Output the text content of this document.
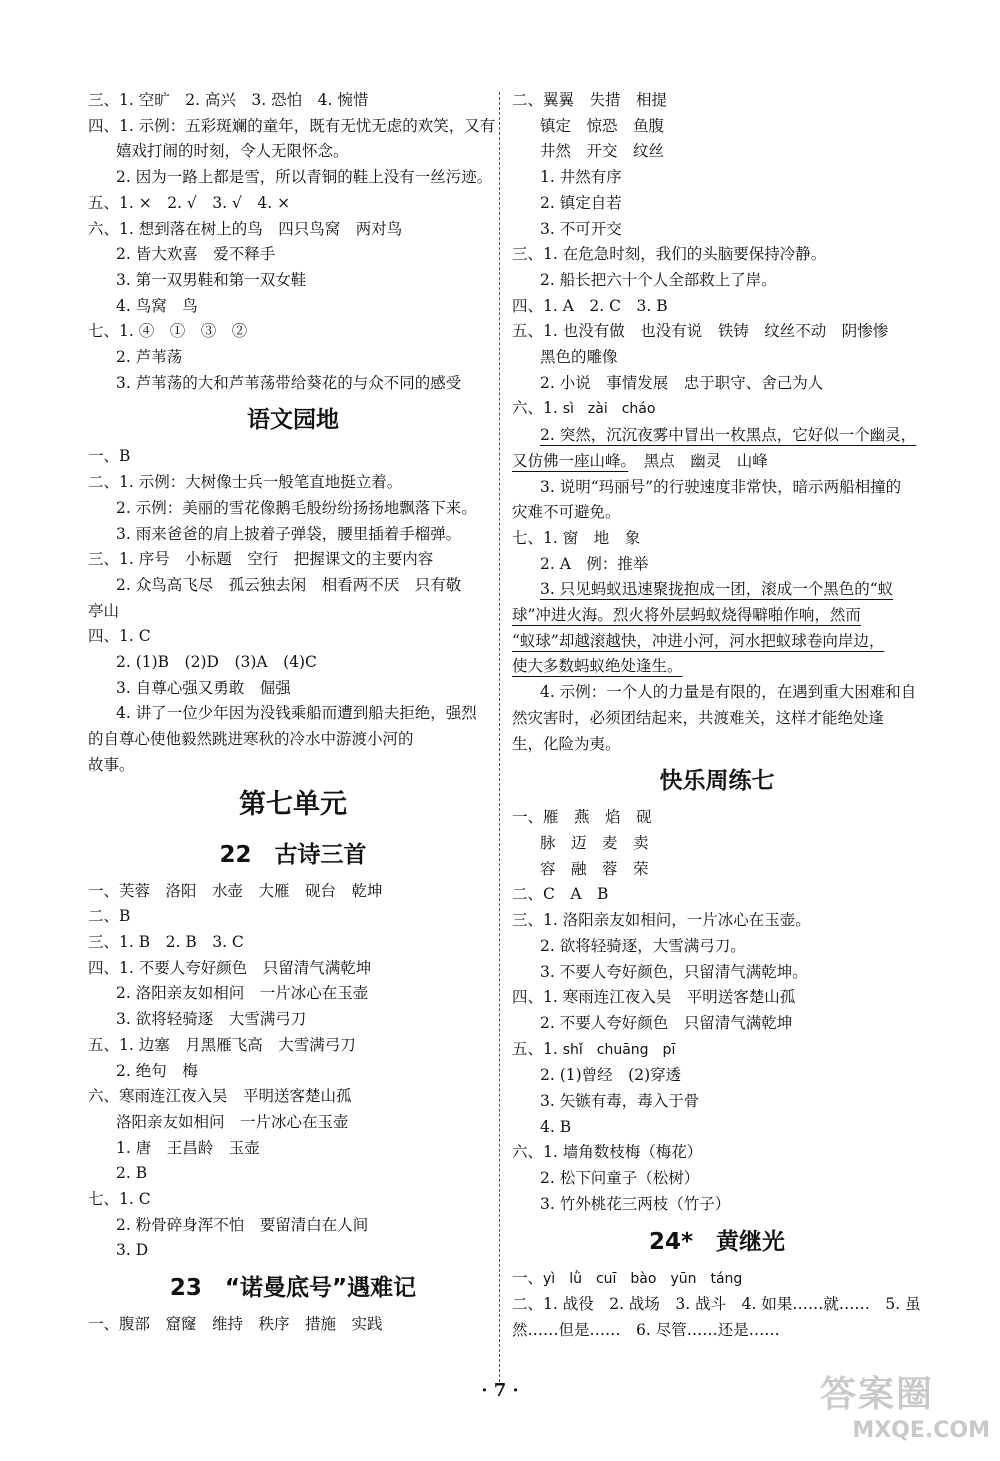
三、1. 空旷　2. 高兴　3. 恐怕　4. 惋惜
四、1. 示例：五彩斑斓的童年，既有无忧无虑的欢笑，又有
嬉戏打闹的时刻，令人无限怀念。
2. 因为一路上都是雪，所以青铜的鞋上没有一丝污迹。
五、1. ×　2. √　3. √　4. ×
六、1. 想到落在树上的鸟　四只鸟窝　两对鸟
2. 皆大欢喜　爱不释手
3. 第一双男鞋和第一双女鞋
4. 鸟窝　鸟
七、1. ④　①　③　②
2. 芦苇荡
3. 芦苇荡的大和芦苇荡带给葵花的与众不同的感受
语文园地
一、B
二、1. 示例：大树像士兵一般笔直地挺立着。
2. 示例：美丽的雪花像鹅毛般纷纷扬扬地飘落下来。
3. 雨来爸爸的肩上披着子弹袋，腰里插着手榴弹。
三、1. 序号　小标题　空行　把握课文的主要内容
2. 众鸟高飞尽　孤云独去闲　相看两不厌　只有敬
亭山
四、1. C
2. (1)B　(2)D　(3)A　(4)C
3. 自尊心强又勇敢　倔强
4. 讲了一位少年因为没钱乘船而遭到船夫拒绝，强烈
的自尊心使他毅然跳进寒秋的冷水中游渡小河的
故事。
第七单元
22　古诗三首
一、芙蓉　洛阳　水壶　大雁　砚台　乾坤
二、B
三、1. B　2. B　3. C
四、1. 不要人夸好颜色　只留清气满乾坤
2. 洛阳亲友如相问　一片冰心在玉壶
3. 欲将轻骑逐　大雪满弓刀
五、1. 边塞　月黑雁飞高　大雪满弓刀
2. 绝句　梅
六、寒雨连江夜入吴　平明送客楚山孤
洛阳亲友如相问　一片冰心在玉壶
1. 唐　王昌龄　玉壶
2. B
七、1. C
2. 粉骨碎身浑不怕　要留清白在人间
3. D
23　“诺曼底号”遇难记
一、腹部　窟窿　维持　秩序　措施　实践
二、翼翼　失措　相提
镇定　惊恐　鱼腹
井然　开交　纹丝
1. 井然有序
2. 镇定自若
3. 不可开交
三、1. 在危急时刻，我们的头脑要保持冷静。
2. 船长把六十个人全部救上了岸。
四、1. A　2. C　3. B
五、1. 也没有做　也没有说　铁铸　纹丝不动　阴惨惨
黑色的雕像
2. 小说　事情发展　忠于职守、舍己为人
六、1. sì　zài　cháo
2. 突然，沉沉夜雾中冒出一枚黑点，它好似一个幽灵，
又仿佛一座山峰。　黑点　幽灵　山峰
3. 说明“玛丽号”的行驶速度非常快，暗示两船相撞的
灾难不可避免。
七、1. 窗　地　象
2. A　例：推举
3. 只见蚂蚁迅速聚拢抱成一团，滚成一个黑色的“蚁
球”冲进火海。烈火将外层蚂蚁烧得噼啪作响，然而
“蚁球”却越滚越快，冲进小河，河水把蚁球卷向岸边，
使大多数蚂蚁绝处逢生。
4. 示例：一个人的力量是有限的，在遇到重大困难和自
然灾害时，必须团结起来，共渡难关，这样才能绝处逢
生，化险为夷。
快乐周练七
一、雁　燕　焰　砚
脉　迈　麦　卖
容　融　蓉　荣
二、C　A　B
三、1. 洛阳亲友如相问，一片冰心在玉壶。
2. 欲将轻骑逐，大雪满弓刀。
3. 不要人夸好颜色，只留清气满乾坤。
四、1. 寒雨连江夜入吴　平明送客楚山孤
2. 不要人夸好颜色　只留清气满乾坤
五、1. shǐ　chuāng　pī
2. (1)曾经　(2)穿透
3. 矢镞有毒，毒入于骨
4. B
六、1. 墙角数枝梅（梅花）
2. 松下问童子（松树）
3. 竹外桃花三两枝（竹子）
24*　黄继光
一、yì　lǜ　cuī　bào　yūn　táng
二、1. 战役　2. 战场　3. 战斗　4. 如果……就……　5. 虽
然……但是……　6. 尽管……还是……
· 7 ·	答案圈
MXQE.COM
